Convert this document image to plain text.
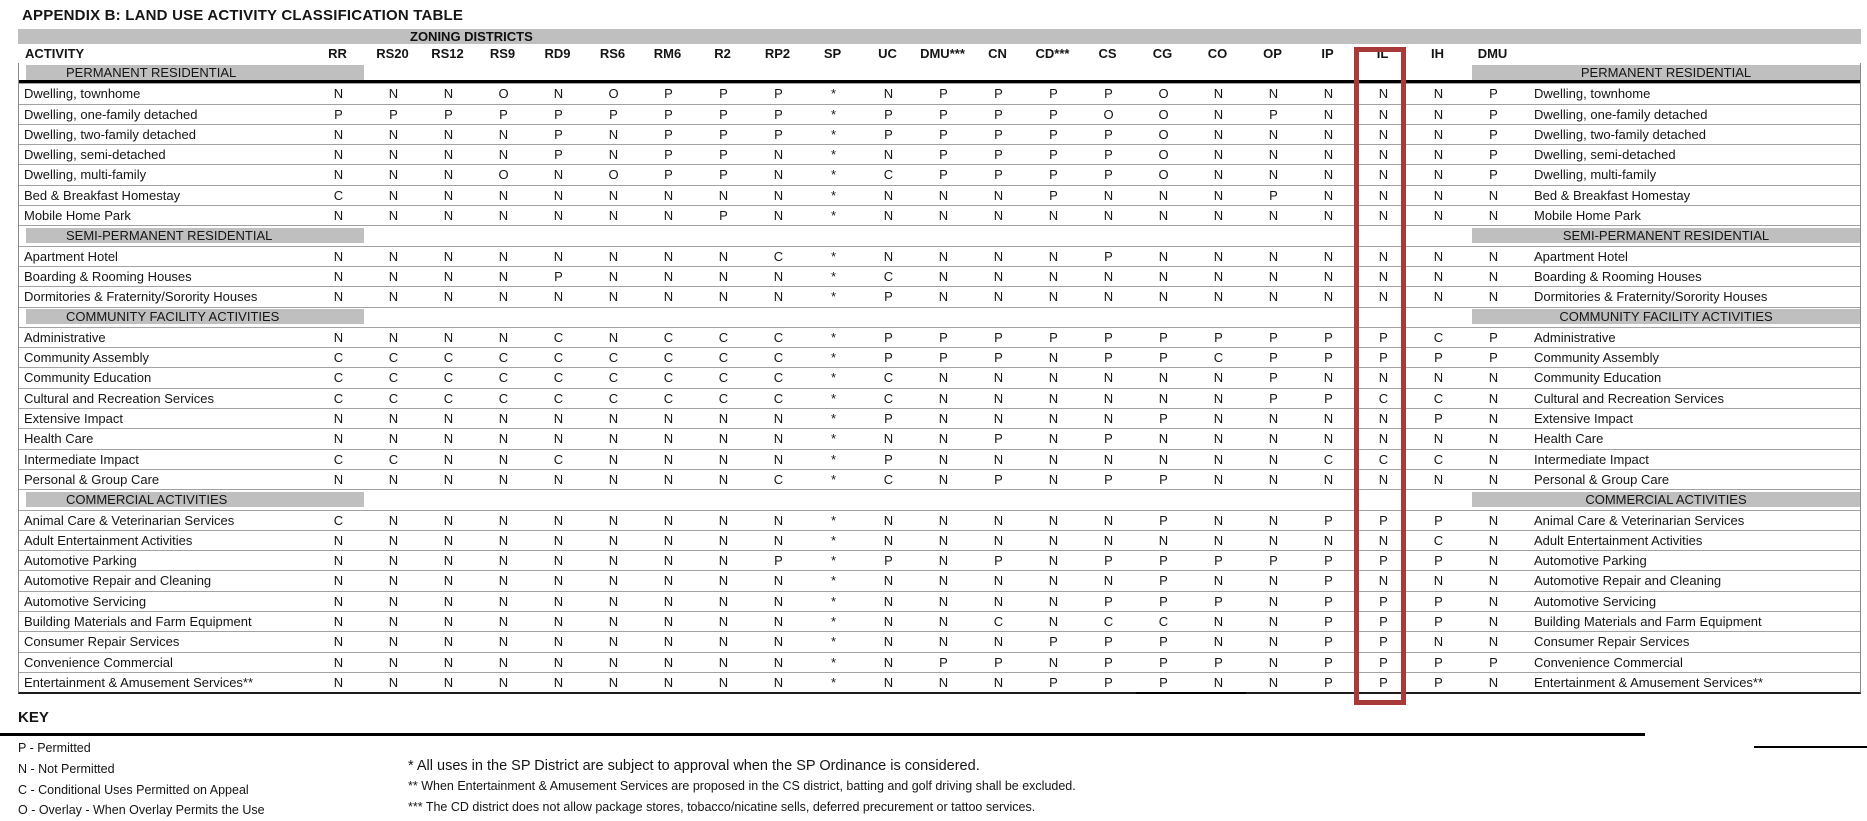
APPENDIX B: LAND USE ACTIVITY CLASSIFICATION TABLE
ZONING DISTRICTS
ACTIVITY	RR	RS20	RS12	RS9	RD9	RS6	RM6	R2	RP2	SP	UC	DMU***	CN	CD***	CS	CG	CO	OP	IP	IL	IH	DMU
PERMANENT RESIDENTIAL	PERMANENT RESIDENTIAL
Dwelling, townhome	N	N	N	O	N	O	P	P	P	*	N	P	P	P	P	O	N	N	N	N	N	P	Dwelling, townhome
Dwelling, one-family detached	P	P	P	P	P	P	P	P	P	*	P	P	P	P	O	O	N	P	N	N	N	P	Dwelling, one-family detached
Dwelling, two-family detached	N	N	N	N	P	N	P	P	P	*	P	P	P	P	P	O	N	N	N	N	N	P	Dwelling, two-family detached
Dwelling, semi-detached	N	N	N	N	P	N	P	P	N	*	N	P	P	P	P	O	N	N	N	N	N	P	Dwelling, semi-detached
Dwelling, multi-family	N	N	N	O	N	O	P	P	N	*	C	P	P	P	P	O	N	N	N	N	N	P	Dwelling, multi-family
Bed & Breakfast Homestay	C	N	N	N	N	N	N	N	N	*	N	N	N	P	N	N	N	P	N	N	N	N	Bed & Breakfast Homestay
Mobile Home Park	N	N	N	N	N	N	N	P	N	*	N	N	N	N	N	N	N	N	N	N	N	N	Mobile Home Park
SEMI-PERMANENT RESIDENTIAL	SEMI-PERMANENT RESIDENTIAL
Apartment Hotel	N	N	N	N	N	N	N	N	C	*	N	N	N	N	P	N	N	N	N	N	N	N	Apartment Hotel
Boarding & Rooming Houses	N	N	N	N	P	N	N	N	N	*	C	N	N	N	N	N	N	N	N	N	N	N	Boarding & Rooming Houses
Dormitories & Fraternity/Sorority Houses	N	N	N	N	N	N	N	N	N	*	P	N	N	N	N	N	N	N	N	N	N	N	Dormitories & Fraternity/Sorority Houses
COMMUNITY FACILITY ACTIVITIES	COMMUNITY FACILITY ACTIVITIES
Administrative	N	N	N	N	C	N	C	C	C	*	P	P	P	P	P	P	P	P	P	P	C	P	Administrative
Community Assembly	C	C	C	C	C	C	C	C	C	*	P	P	P	N	P	P	C	P	P	P	P	P	Community Assembly
Community Education	C	C	C	C	C	C	C	C	C	*	C	N	N	N	N	N	N	P	N	N	N	N	Community Education
Cultural and Recreation Services	C	C	C	C	C	C	C	C	C	*	C	N	N	N	N	N	N	P	P	C	C	N	Cultural and Recreation Services
Extensive Impact	N	N	N	N	N	N	N	N	N	*	P	N	N	N	N	P	N	N	N	N	P	N	Extensive Impact
Health Care	N	N	N	N	N	N	N	N	N	*	N	N	P	N	P	N	N	N	N	N	N	N	Health Care
Intermediate Impact	C	C	N	N	C	N	N	N	N	*	P	N	N	N	N	N	N	N	C	C	C	N	Intermediate Impact
Personal & Group Care	N	N	N	N	N	N	N	N	C	*	C	N	P	N	P	P	N	N	N	N	N	N	Personal & Group Care
COMMERCIAL ACTIVITIES	COMMERCIAL ACTIVITIES
Animal Care & Veterinarian Services	C	N	N	N	N	N	N	N	N	*	N	N	N	N	N	P	N	N	P	P	P	N	Animal Care & Veterinarian Services
Adult Entertainment Activities	N	N	N	N	N	N	N	N	N	*	N	N	N	N	N	N	N	N	N	N	C	N	Adult Entertainment Activities
Automotive Parking	N	N	N	N	N	N	N	N	P	*	P	N	P	N	P	P	P	P	P	P	P	N	Automotive Parking
Automotive Repair and Cleaning	N	N	N	N	N	N	N	N	N	*	N	N	N	N	N	P	N	N	P	N	N	N	Automotive Repair and Cleaning
Automotive Servicing	N	N	N	N	N	N	N	N	N	*	N	N	N	N	P	P	P	N	P	P	P	N	Automotive Servicing
Building Materials and Farm Equipment	N	N	N	N	N	N	N	N	N	*	N	N	C	N	C	C	N	N	P	P	P	N	Building Materials and Farm Equipment
Consumer Repair Services	N	N	N	N	N	N	N	N	N	*	N	N	N	P	P	P	N	N	P	P	N	N	Consumer Repair Services
Convenience Commercial	N	N	N	N	N	N	N	N	N	*	N	P	P	N	P	P	P	N	P	P	P	P	Convenience Commercial
Entertainment & Amusement Services**	N	N	N	N	N	N	N	N	N	*	N	N	N	P	P	P	N	N	P	P	P	N	Entertainment & Amusement Services**
KEY
P - Permitted
N - Not Permitted
C - Conditional Uses Permitted on Appeal
O - Overlay - When Overlay Permits the Use
* All uses in the SP District are subject to approval when the SP Ordinance is considered.
** When Entertainment & Amusement Services are proposed in the CS district, batting and golf driving shall be excluded.
*** The CD district does not allow package stores, tobacco/nicatine sells, deferred precurement or tattoo services.
